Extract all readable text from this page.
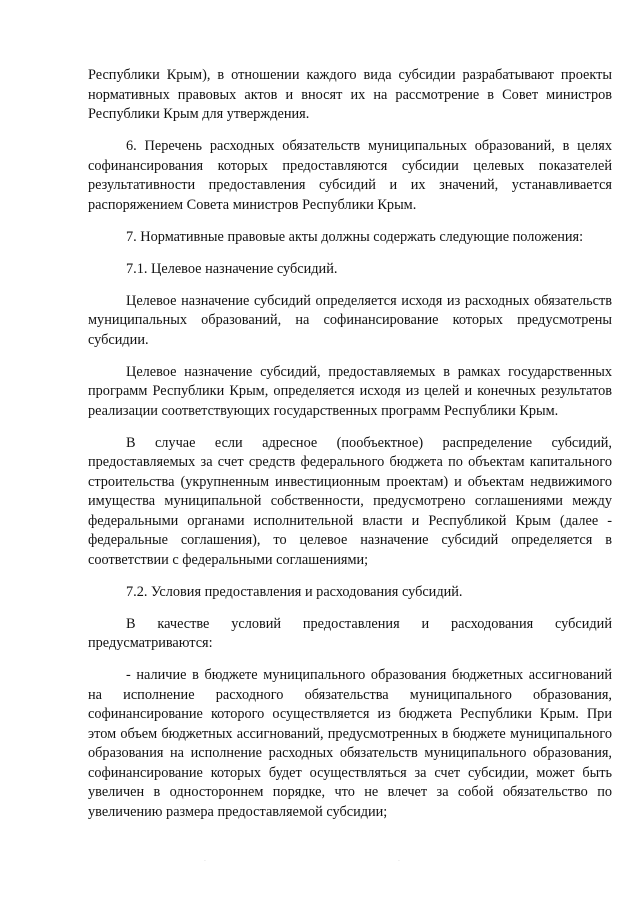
Республики Крым), в отношении каждого вида субсидии разрабатывают проекты нормативных правовых актов и вносят их на рассмотрение в Совет министров Республики Крым для утверждения.

6. Перечень расходных обязательств муниципальных образований, в целях софинансирования которых предоставляются субсидии целевых показателей результативности предоставления субсидий и их значений, устанавливается распоряжением Совета министров Республики Крым.

7. Нормативные правовые акты должны содержать следующие положения:

7.1. Целевое назначение субсидий.

Целевое назначение субсидий определяется исходя из расходных обязательств муниципальных образований, на софинансирование которых предусмотрены субсидии.

Целевое назначение субсидий, предоставляемых в рамках государственных программ Республики Крым, определяется исходя из целей и конечных результатов реализации соответствующих государственных программ Республики Крым.

В случае если адресное (пообъектное) распределение субсидий, предоставляемых за счет средств федерального бюджета по объектам капитального строительства (укрупненным инвестиционным проектам) и объектам недвижимого имущества муниципальной собственности, предусмотрено соглашениями между федеральными органами исполнительной власти и Республикой Крым (далее - федеральные соглашения), то целевое назначение субсидий определяется в соответствии с федеральными соглашениями;

7.2. Условия предоставления и расходования субсидий.

В качестве условий предоставления и расходования субсидий предусматриваются:

- наличие в бюджете муниципального образования бюджетных ассигнований на исполнение расходного обязательства муниципального образования, софинансирование которого осуществляется из бюджета Республики Крым. При этом объем бюджетных ассигнований, предусмотренных в бюджете муниципального образования на исполнение расходных обязательств муниципального образования, софинансирование которых будет осуществляться за счет субсидии, может быть увеличен в одностороннем порядке, что не влечет за собой обязательство по увеличению размера предоставляемой субсидии;

·	·
